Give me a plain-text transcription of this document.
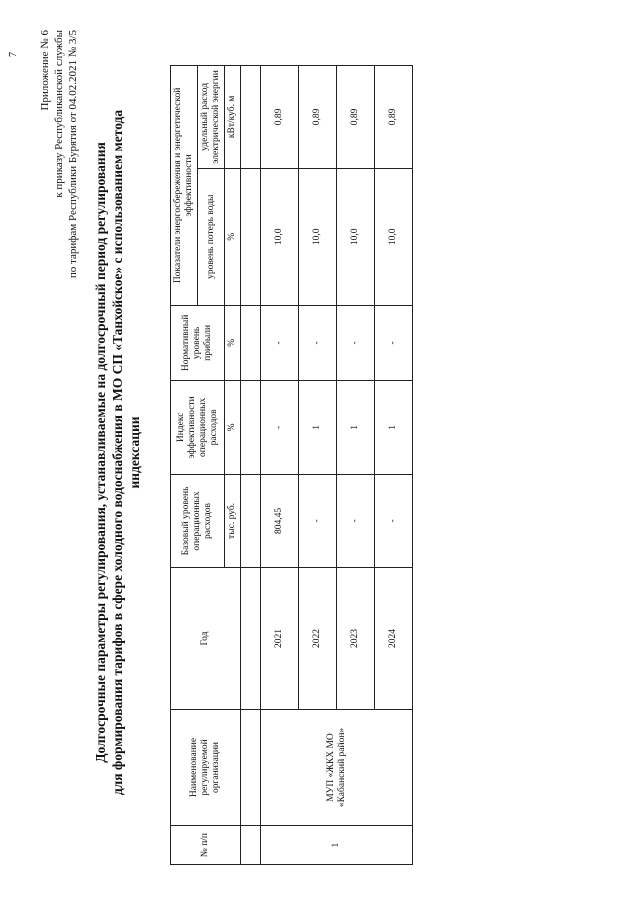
7 Приложение № 6 к приказу Республиканской службы по тарифам Республики Бурятия от 04.02.2021 № 3/5 Долгосрочные параметры регулирования, устанавливаемые на долгосрочный период регулирования для формирования тарифов в сфере холодного водоснабжения в МО СП «Танхойское» с использованием метода индексации
№ п/п	Наименование регулируемой организации	Год	Базовый уровень операционных расходов	Индекс эффективности операционных расходов	Нормативный уровень прибыли	Показатели энергосбережения и энергетической эффективности	
						уровень потерь воды	удельный расход электрической энергии
			тыс. руб.	%	%	%	кВт/куб. м

1	МУП «ЖКХ МО «Кабанский район»	2021	804,45	-	-	10,0	0,89
		2022	-	1	-	10,0	0,89
		2023	-	1	-	10,0	0,89
		2024	-	1	-	10,0	0,89
